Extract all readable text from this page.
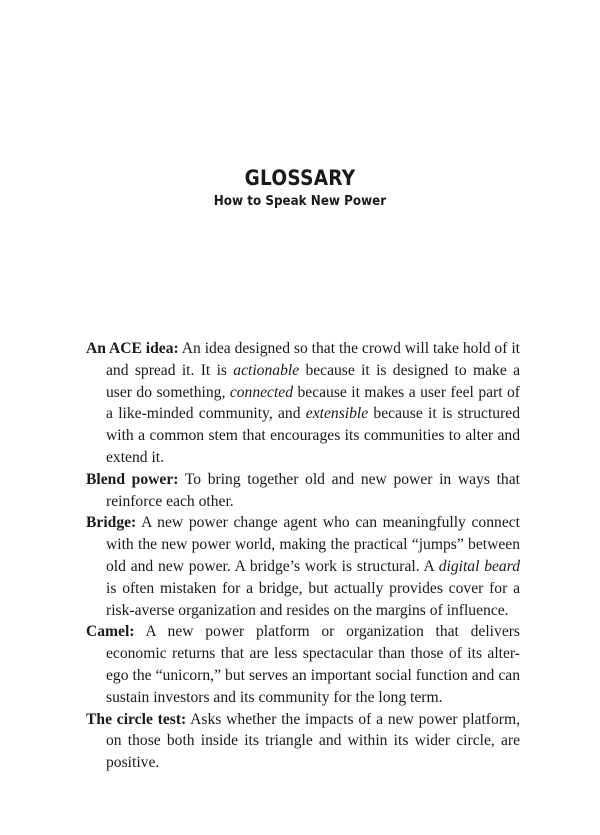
GLOSSARY
How to Speak New Power

An ACE idea: An idea designed so that the crowd will take hold of it and spread it. It is actionable because it is designed to make a user do something, connected because it makes a user feel part of a like-minded community, and extensible because it is structured with a common stem that encourages its communities to alter and extend it.

Blend power: To bring together old and new power in ways that reinforce each other.

Bridge: A new power change agent who can meaningfully connect with the new power world, making the practical “jumps” between old and new power. A bridge’s work is structural. A digital beard is often mistaken for a bridge, but actually provides cover for a risk-averse organization and resides on the margins of influence.

Camel: A new power platform or organization that delivers economic returns that are less spectacular than those of its alter-ego the “unicorn,” but serves an important social function and can sustain investors and its community for the long term.

The circle test: Asks whether the impacts of a new power platform, on those both inside its triangle and within its wider circle, are positive.
